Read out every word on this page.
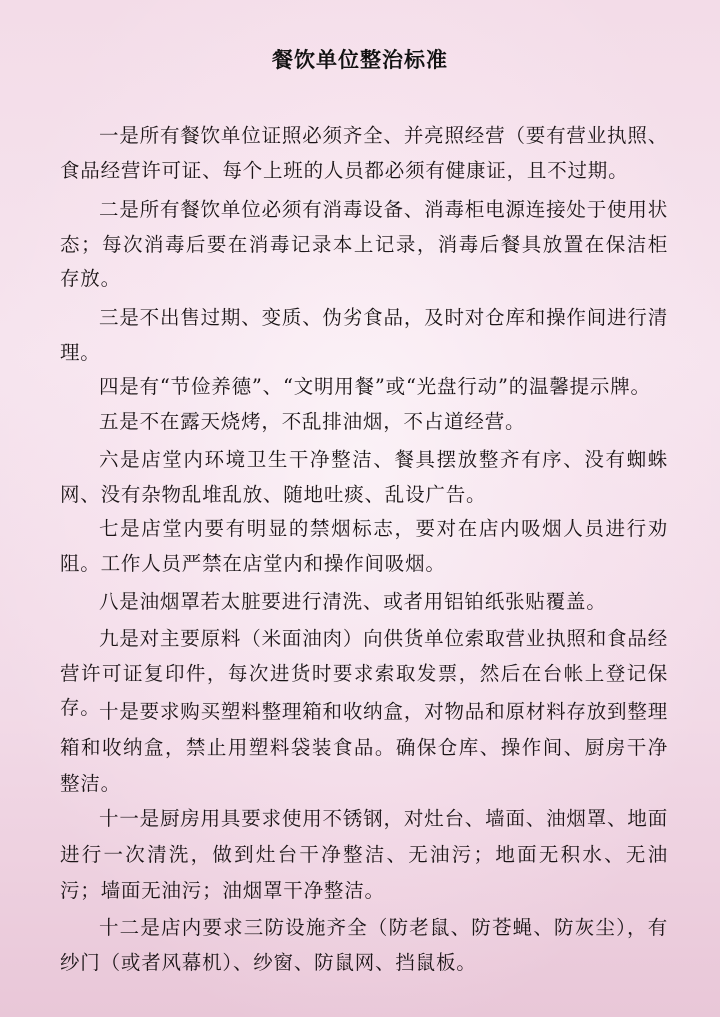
餐饮单位整治标准

一是所有餐饮单位证照必须齐全、并亮照经营（要有营业执照、食品经营许可证、每个上班的人员都必须有健康证，且不过期。

二是所有餐饮单位必须有消毒设备、消毒柜电源连接处于使用状态；每次消毒后要在消毒记录本上记录，消毒后餐具放置在保洁柜存放。

三是不出售过期、变质、伪劣食品，及时对仓库和操作间进行清理。

四是有“节俭养德”、“文明用餐”或“光盘行动”的温馨提示牌。

五是不在露天烧烤，不乱排油烟，不占道经营。

六是店堂内环境卫生干净整洁、餐具摆放整齐有序、没有蜘蛛网、没有杂物乱堆乱放、随地吐痰、乱设广告。

七是店堂内要有明显的禁烟标志，要对在店内吸烟人员进行劝阻。工作人员严禁在店堂内和操作间吸烟。

八是油烟罩若太脏要进行清洗、或者用铝铂纸张贴覆盖。

九是对主要原料（米面油肉）向供货单位索取营业执照和食品经营许可证复印件，每次进货时要求索取发票，然后在台帐上登记保存。

十是要求购买塑料整理箱和收纳盒，对物品和原材料存放到整理箱和收纳盒，禁止用塑料袋装食品。确保仓库、操作间、厨房干净整洁。

十一是厨房用具要求使用不锈钢，对灶台、墙面、油烟罩、地面进行一次清洗，做到灶台干净整洁、无油污；地面无积水、无油污；墙面无油污；油烟罩干净整洁。

十二是店内要求三防设施齐全（防老鼠、防苍蝇、防灰尘），有纱门（或者风幕机）、纱窗、防鼠网、挡鼠板。
